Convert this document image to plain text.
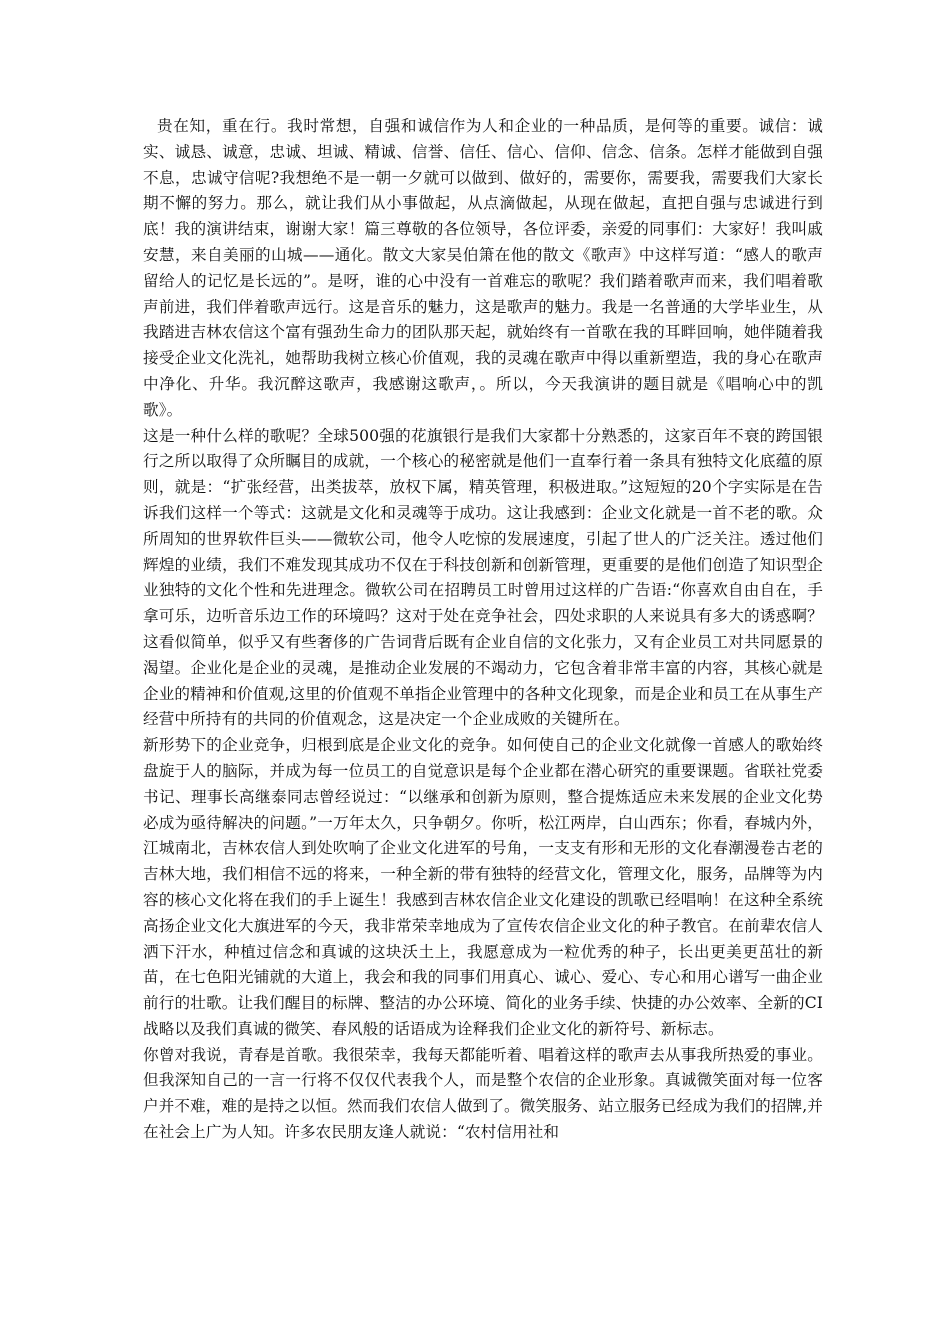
贵在知，重在行。我时常想，自强和诚信作为人和企业的一种品质，是何等的重要。诚信：诚实、诚恳、诚意，忠诚、坦诚、精诚、信誉、信任、信心、信仰、信念、信条。怎样才能做到自强不息，忠诚守信呢?我想绝不是一朝一夕就可以做到、做好的，需要你，需要我，需要我们大家长期不懈的努力。那么，就让我们从小事做起，从点滴做起，从现在做起，直把自强与忠诚进行到底！我的演讲结束，谢谢大家！篇三尊敬的各位领导，各位评委，亲爱的同事们：大家好！我叫戚安慧，来自美丽的山城——通化。散文大家吴伯箫在他的散文《歌声》中这样写道：“感人的歌声留给人的记忆是长远的”。是呀，谁的心中没有一首难忘的歌呢？我们踏着歌声而来，我们唱着歌声前进，我们伴着歌声远行。这是音乐的魅力，这是歌声的魅力。我是一名普通的大学毕业生，从我踏进吉林农信这个富有强劲生命力的团队那天起，就始终有一首歌在我的耳畔回响，她伴随着我接受企业文化洗礼，她帮助我树立核心价值观，我的灵魂在歌声中得以重新塑造，我的身心在歌声中净化、升华。我沉醉这歌声，我感谢这歌声，。所以，今天我演讲的题目就是《唱响心中的凯歌》。

这是一种什么样的歌呢？全球500强的花旗银行是我们大家都十分熟悉的，这家百年不衰的跨国银行之所以取得了众所瞩目的成就，一个核心的秘密就是他们一直奉行着一条具有独特文化底蕴的原则，就是：“扩张经营，出类拔萃，放权下属，精英管理，积极进取。”这短短的20个字实际是在告诉我们这样一个等式：这就是文化和灵魂等于成功。这让我感到：企业文化就是一首不老的歌。众所周知的世界软件巨头——微软公司，他令人吃惊的发展速度，引起了世人的广泛关注。透过他们辉煌的业绩，我们不难发现其成功不仅在于科技创新和创新管理，更重要的是他们创造了知识型企业独特的文化个性和先进理念。微软公司在招聘员工时曾用过这样的广告语:“你喜欢自由自在，手拿可乐，边听音乐边工作的环境吗？这对于处在竞争社会，四处求职的人来说具有多大的诱惑啊？这看似简单，似乎又有些奢侈的广告词背后既有企业自信的文化张力，又有企业员工对共同愿景的渴望。企业化是企业的灵魂，是推动企业发展的不竭动力，它包含着非常丰富的内容，其核心就是企业的精神和价值观,这里的价值观不单指企业管理中的各种文化现象，而是企业和员工在从事生产经营中所持有的共同的价值观念，这是决定一个企业成败的关键所在。

新形势下的企业竞争，归根到底是企业文化的竞争。如何使自己的企业文化就像一首感人的歌始终盘旋于人的脑际，并成为每一位员工的自觉意识是每个企业都在潜心研究的重要课题。省联社党委书记、理事长高继泰同志曾经说过：“以继承和创新为原则，整合提炼适应未来发展的企业文化势必成为亟待解决的问题。”一万年太久，只争朝夕。你听，松江两岸，白山西东；你看，春城内外，江城南北，吉林农信人到处吹响了企业文化进军的号角，一支支有形和无形的文化春潮漫卷古老的吉林大地，我们相信不远的将来，一种全新的带有独特的经营文化，管理文化，服务，品牌等为内容的核心文化将在我们的手上诞生！我感到吉林农信企业文化建设的凯歌已经唱响！在这种全系统高扬企业文化大旗进军的今天，我非常荣幸地成为了宣传农信企业文化的种子教官。在前辈农信人洒下汗水，种植过信念和真诚的这块沃土上，我愿意成为一粒优秀的种子，长出更美更茁壮的新苗，在七色阳光铺就的大道上，我会和我的同事们用真心、诚心、爱心、专心和用心谱写一曲企业前行的壮歌。让我们醒目的标牌、整洁的办公环境、简化的业务手续、快捷的办公效率、全新的CI战略以及我们真诚的微笑、春风般的话语成为诠释我们企业文化的新符号、新标志。

你曾对我说，青春是首歌。我很荣幸，我每天都能听着、唱着这样的歌声去从事我所热爱的事业。但我深知自己的一言一行将不仅仅代表我个人，而是整个农信的企业形象。真诚微笑面对每一位客户并不难，难的是持之以恒。然而我们农信人做到了。微笑服务、站立服务已经成为我们的招牌,并在社会上广为人知。许多农民朋友逢人就说：“农村信用社和
